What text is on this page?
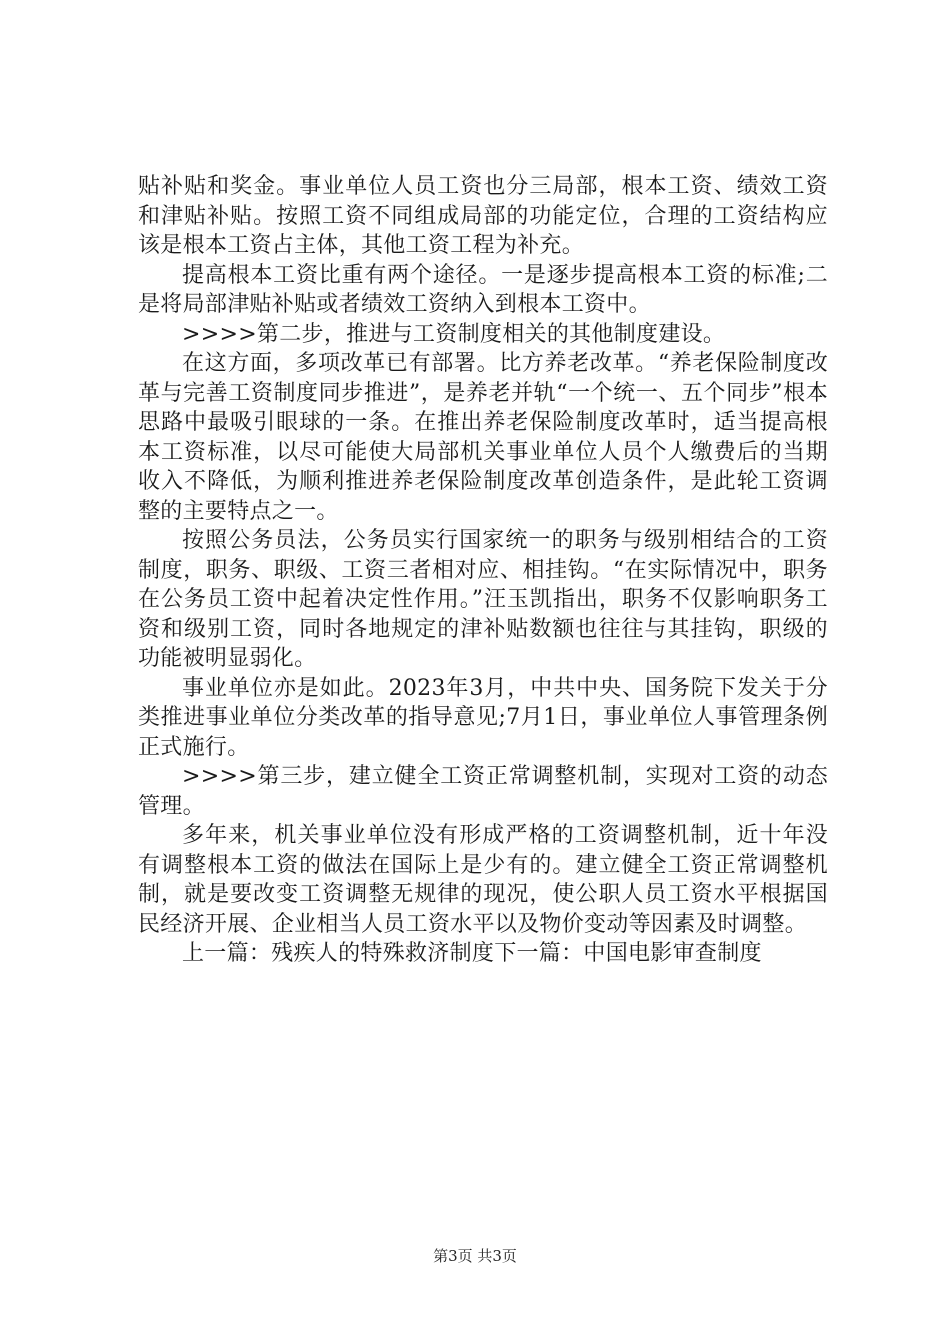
贴补贴和奖金。事业单位人员工资也分三局部，根本工资、绩效工资和津贴补贴。按照工资不同组成局部的功能定位，合理的工资结构应该是根本工资占主体，其他工资工程为补充。

提高根本工资比重有两个途径。一是逐步提高根本工资的标准;二是将局部津贴补贴或者绩效工资纳入到根本工资中。

>>>>第二步，推进与工资制度相关的其他制度建设。

在这方面，多项改革已有部署。比方养老改革。“养老保险制度改革与完善工资制度同步推进”，是养老并轨“一个统一、五个同步”根本思路中最吸引眼球的一条。在推出养老保险制度改革时，适当提高根本工资标准，以尽可能使大局部机关事业单位人员个人缴费后的当期收入不降低，为顺利推进养老保险制度改革创造条件，是此轮工资调整的主要特点之一。

按照公务员法，公务员实行国家统一的职务与级别相结合的工资制度，职务、职级、工资三者相对应、相挂钩。“在实际情况中，职务在公务员工资中起着决定性作用。”汪玉凯指出，职务不仅影响职务工资和级别工资，同时各地规定的津补贴数额也往往与其挂钩，职级的功能被明显弱化。

事业单位亦是如此。2023年3月，中共中央、国务院下发关于分类推进事业单位分类改革的指导意见;7月1日，事业单位人事管理条例正式施行。

>>>>第三步，建立健全工资正常调整机制，实现对工资的动态管理。

多年来，机关事业单位没有形成严格的工资调整机制，近十年没有调整根本工资的做法在国际上是少有的。建立健全工资正常调整机制，就是要改变工资调整无规律的现况，使公职人员工资水平根据国民经济开展、企业相当人员工资水平以及物价变动等因素及时调整。

上一篇：残疾人的特殊救济制度下一篇：中国电影审查制度

第3页 共3页
